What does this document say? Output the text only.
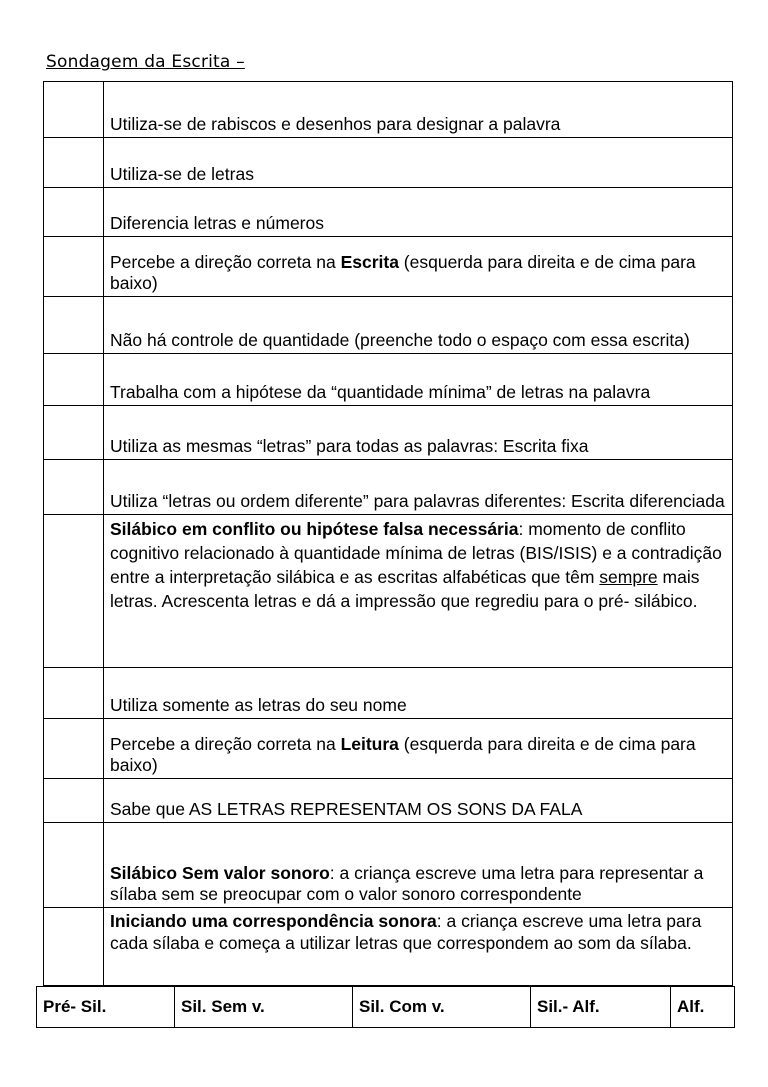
Sondagem da Escrita –
	Utiliza-se de rabiscos e desenhos para designar a palavra
	Utiliza-se de letras
	Diferencia letras e números
	Percebe a direção correta na Escrita (esquerda para direita e de cima para baixo)
	Não há controle de quantidade (preenche todo o espaço com essa escrita)
	Trabalha com a hipótese da “quantidade mínima” de letras na palavra
	Utiliza as mesmas “letras” para todas as palavras: Escrita fixa
	Utiliza “letras ou ordem diferente” para palavras diferentes: Escrita diferenciada
	Silábico em conflito ou hipótese falsa necessária: momento de conflito cognitivo relacionado à quantidade mínima de letras (BIS/ISIS) e a contradição entre a interpretação silábica e as escritas alfabéticas que têm sempre mais letras. Acrescenta letras e dá a impressão que regrediu para o pré- silábico.
	Utiliza somente as letras do seu nome
	Percebe a direção correta na Leitura (esquerda para direita e de cima para baixo)
	Sabe que AS LETRAS REPRESENTAM OS SONS DA FALA
	Silábico Sem valor sonoro: a criança escreve uma letra para representar a sílaba sem se preocupar com o valor sonoro correspondente
	Iniciando uma correspondência sonora: a criança escreve uma letra para cada sílaba e começa a utilizar letras que correspondem ao som da sílaba.
Pré- Sil.	Sil. Sem v.	Sil. Com v.	Sil.- Alf.	Alf.
